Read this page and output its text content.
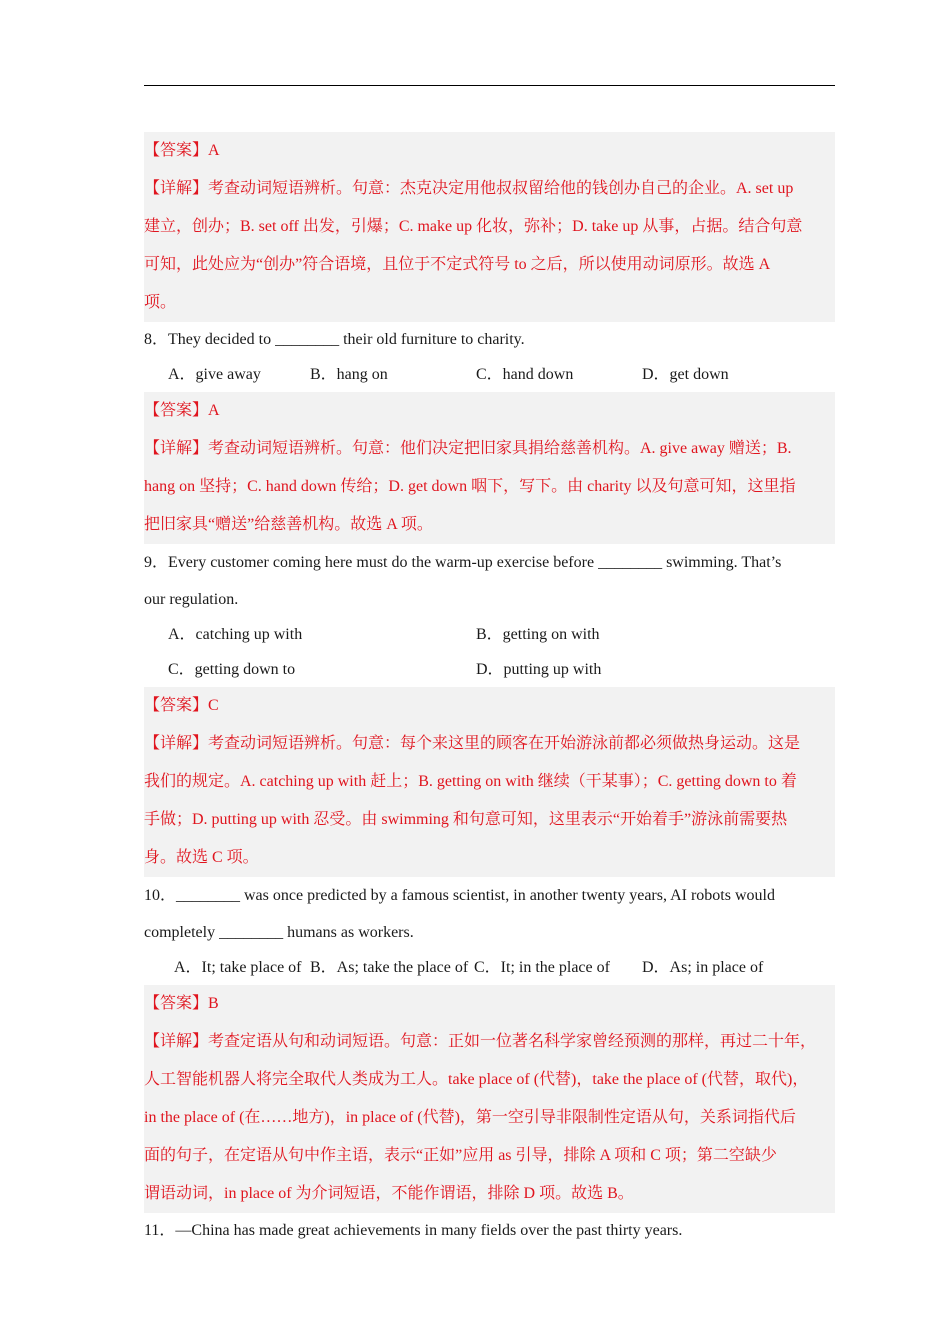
【答案】A
【详解】考查动词短语辨析。句意：杰克决定用他叔叔留给他的钱创办自己的企业。A. set up
建立，创办；B. set off 出发，引爆；C. make up 化妆，弥补；D. take up 从事，占据。结合句意
可知，此处应为“创办”符合语境，且位于不定式符号 to 之后，所以使用动词原形。故选 A
项。
8．They decided to ________ their old furniture to charity.
A．give away	B．hang on	C．hand down	D．get down
【答案】A
【详解】考查动词短语辨析。句意：他们决定把旧家具捐给慈善机构。A. give away 赠送；B.
hang on 坚持；C. hand down 传给；D. get down 咽下，写下。由 charity 以及句意可知，这里指
把旧家具“赠送”给慈善机构。故选 A 项。
9．Every customer coming here must do the warm-up exercise before ________ swimming. That’s
our regulation.
A．catching up with	B．getting on with
C．getting down to	D．putting up with
【答案】C
【详解】考查动词短语辨析。句意：每个来这里的顾客在开始游泳前都必须做热身运动。这是
我们的规定。A. catching up with 赶上；B. getting on with 继续（干某事）；C. getting down to 着
手做；D. putting up with 忍受。由 swimming 和句意可知，这里表示“开始着手”游泳前需要热
身。故选 C 项。
10．________ was once predicted by a famous scientist, in another twenty years, AI robots would
completely ________ humans as workers.
A．It; take place of B．As; take the place of C．It; in the place of D．As; in place of
【答案】B
【详解】考查定语从句和动词短语。句意：正如一位著名科学家曾经预测的那样，再过二十年，
人工智能机器人将完全取代人类成为工人。take place of (代替)，take the place of (代替，取代)，
in the place of (在……地方)，in place of (代替)，第一空引导非限制性定语从句，关系词指代后
面的句子，在定语从句中作主语，表示“正如”应用 as 引导，排除 A 项和 C 项；第二空缺少
谓语动词，in place of 为介词短语，不能作谓语，排除 D 项。故选 B。
11．—China has made great achievements in many fields over the past thirty years.
